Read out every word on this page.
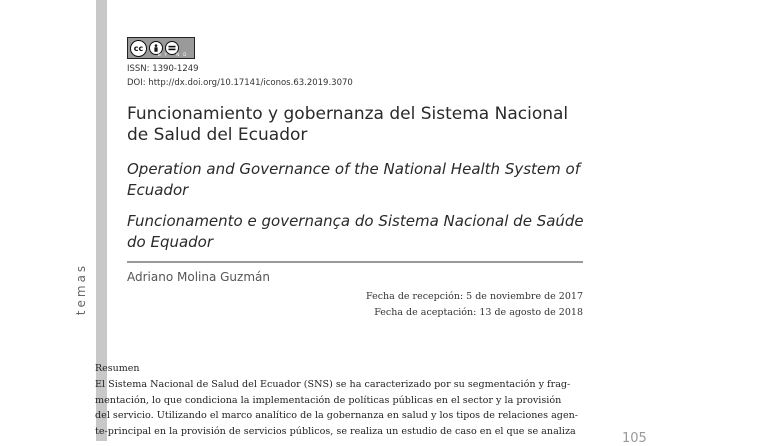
temas
cc
BY ND
ISSN: 1390-1249
DOI: http://dx.doi.org/10.17141/iconos.63.2019.3070
Funcionamiento y gobernanza del Sistema Nacional de Salud del Ecuador
Operation and Governance of the National Health System of Ecuador
Funcionamento e governança do Sistema Nacional de Saúde do Equador
Adriano Molina Guzmán
Fecha de recepción: 5 de noviembre de 2017
Fecha de aceptación: 13 de agosto de 2018
Resumen

El Sistema Nacional de Salud del Ecuador (SNS) se ha caracterizado por su segmentación y frag-
mentación, lo que condiciona la implementación de políticas públicas en el sector y la provisión
del servicio. Utilizando el marco analítico de la gobernanza en salud y los tipos de relaciones agen-
te-principal en la provisión de servicios públicos, se realiza un estudio de caso en el que se analiza	105
